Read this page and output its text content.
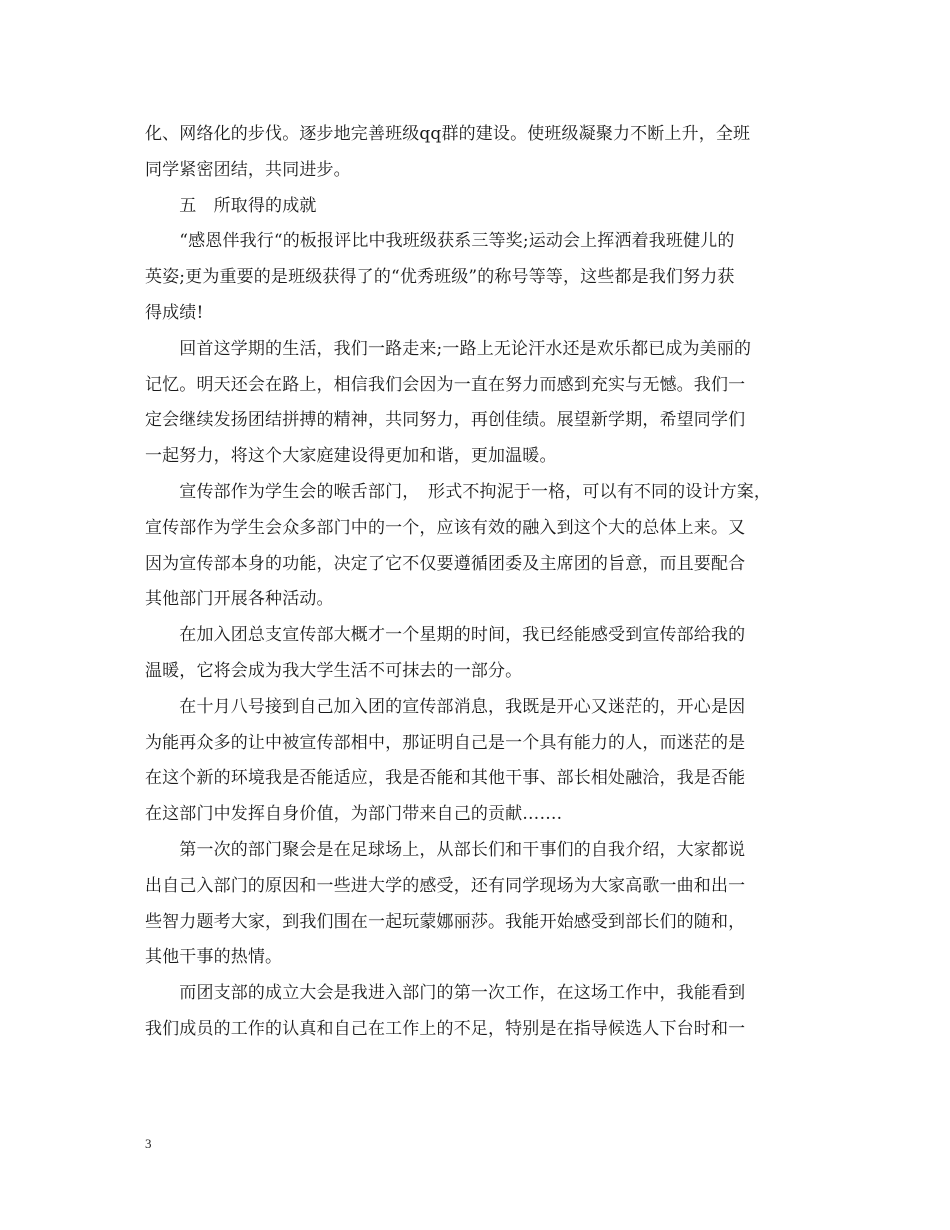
化、网络化的步伐。逐步地完善班级qq群的建设。使班级凝聚力不断上升，全班
同学紧密团结，共同进步。
　　五　所取得的成就
　　“感恩伴我行“的板报评比中我班级获系三等奖;运动会上挥洒着我班健儿的
英姿;更为重要的是班级获得了的“优秀班级”的称号等等，这些都是我们努力获
得成绩!
　　回首这学期的生活，我们一路走来;一路上无论汗水还是欢乐都已成为美丽的
记忆。明天还会在路上，相信我们会因为一直在努力而感到充实与无憾。我们一
定会继续发扬团结拼搏的精神，共同努力，再创佳绩。展望新学期，希望同学们
一起努力，将这个大家庭建设得更加和谐，更加温暖。
　　宣传部作为学生会的喉舌部门，　形式不拘泥于一格，可以有不同的设计方案，
宣传部作为学生会众多部门中的一个，应该有效的融入到这个大的总体上来。又
因为宣传部本身的功能，决定了它不仅要遵循团委及主席团的旨意，而且要配合
其他部门开展各种活动。
　　在加入团总支宣传部大概才一个星期的时间，我已经能感受到宣传部给我的
温暖，它将会成为我大学生活不可抹去的一部分。
　　在十月八号接到自己加入团的宣传部消息，我既是开心又迷茫的，开心是因
为能再众多的让中被宣传部相中，那证明自己是一个具有能力的人，而迷茫的是
在这个新的环境我是否能适应，我是否能和其他干事、部长相处融洽，我是否能
在这部门中发挥自身价值，为部门带来自己的贡献…….
　　第一次的部门聚会是在足球场上，从部长们和干事们的自我介绍，大家都说
出自己入部门的原因和一些进大学的感受，还有同学现场为大家高歌一曲和出一
些智力题考大家，到我们围在一起玩蒙娜丽莎。我能开始感受到部长们的随和，
其他干事的热情。
　　而团支部的成立大会是我进入部门的第一次工作，在这场工作中，我能看到
我们成员的工作的认真和自己在工作上的不足，特别是在指导候选人下台时和一
3
